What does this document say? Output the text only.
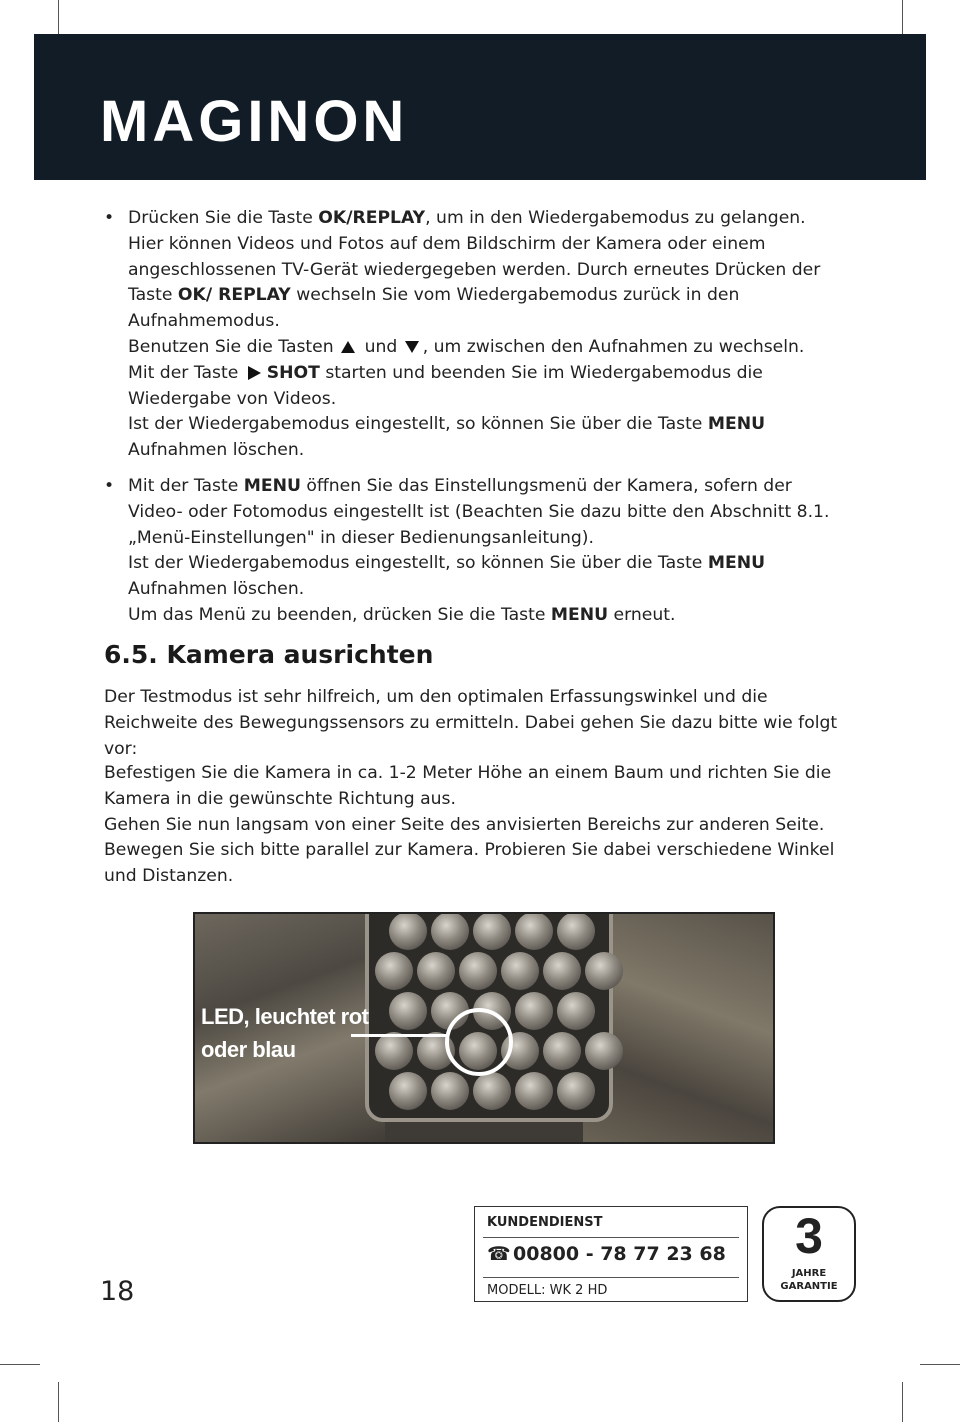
MAGINON
• Drücken Sie die Taste OK/REPLAY, um in den Wiedergabemodus zu gelangen. Hier können Videos und Fotos auf dem Bildschirm der Kamera oder einem angeschlossenen TV-Gerät wiedergegeben werden. Durch erneutes Drücken der Taste OK/ REPLAY wechseln Sie vom Wiedergabemodus zurück in den Aufnahmemodus.

Benutzen Sie die Tasten  und , um zwischen den Aufnahmen zu wechseln.

Mit der Taste SHOT starten und beenden Sie im Wiedergabemodus die Wiedergabe von Videos.

Ist der Wiedergabemodus eingestellt, so können Sie über die Taste MENU Aufnahmen löschen.

• Mit der Taste MENU öffnen Sie das Einstellungsmenü der Kamera, sofern der Video- oder Fotomodus eingestellt ist (Beachten Sie dazu bitte den Abschnitt 8.1. „Menü-Einstellungen" in dieser Bedienungsanleitung).

Ist der Wiedergabemodus eingestellt, so können Sie über die Taste MENU Aufnahmen löschen.

Um das Menü zu beenden, drücken Sie die Taste MENU erneut.

6.5. Kamera ausrichten

Der Testmodus ist sehr hilfreich, um den optimalen Erfassungswinkel und die Reichweite des Bewegungssensors zu ermitteln. Dabei gehen Sie dazu bitte wie folgt vor:

Befestigen Sie die Kamera in ca. 1-2 Meter Höhe an einem Baum und richten Sie die Kamera in die gewünschte Richtung aus.
Gehen Sie nun langsam von einer Seite des anvisierten Bereichs zur anderen Seite. Bewegen Sie sich bitte parallel zur Kamera. Probieren Sie dabei verschiedene Winkel und Distanzen.
LED, leuchtet rot
oder blau
18
KUNDENDIENST
☎ 00800 - 78 77 23 68
MODELL: WK 2 HD
3
JAHRE
GARANTIE
